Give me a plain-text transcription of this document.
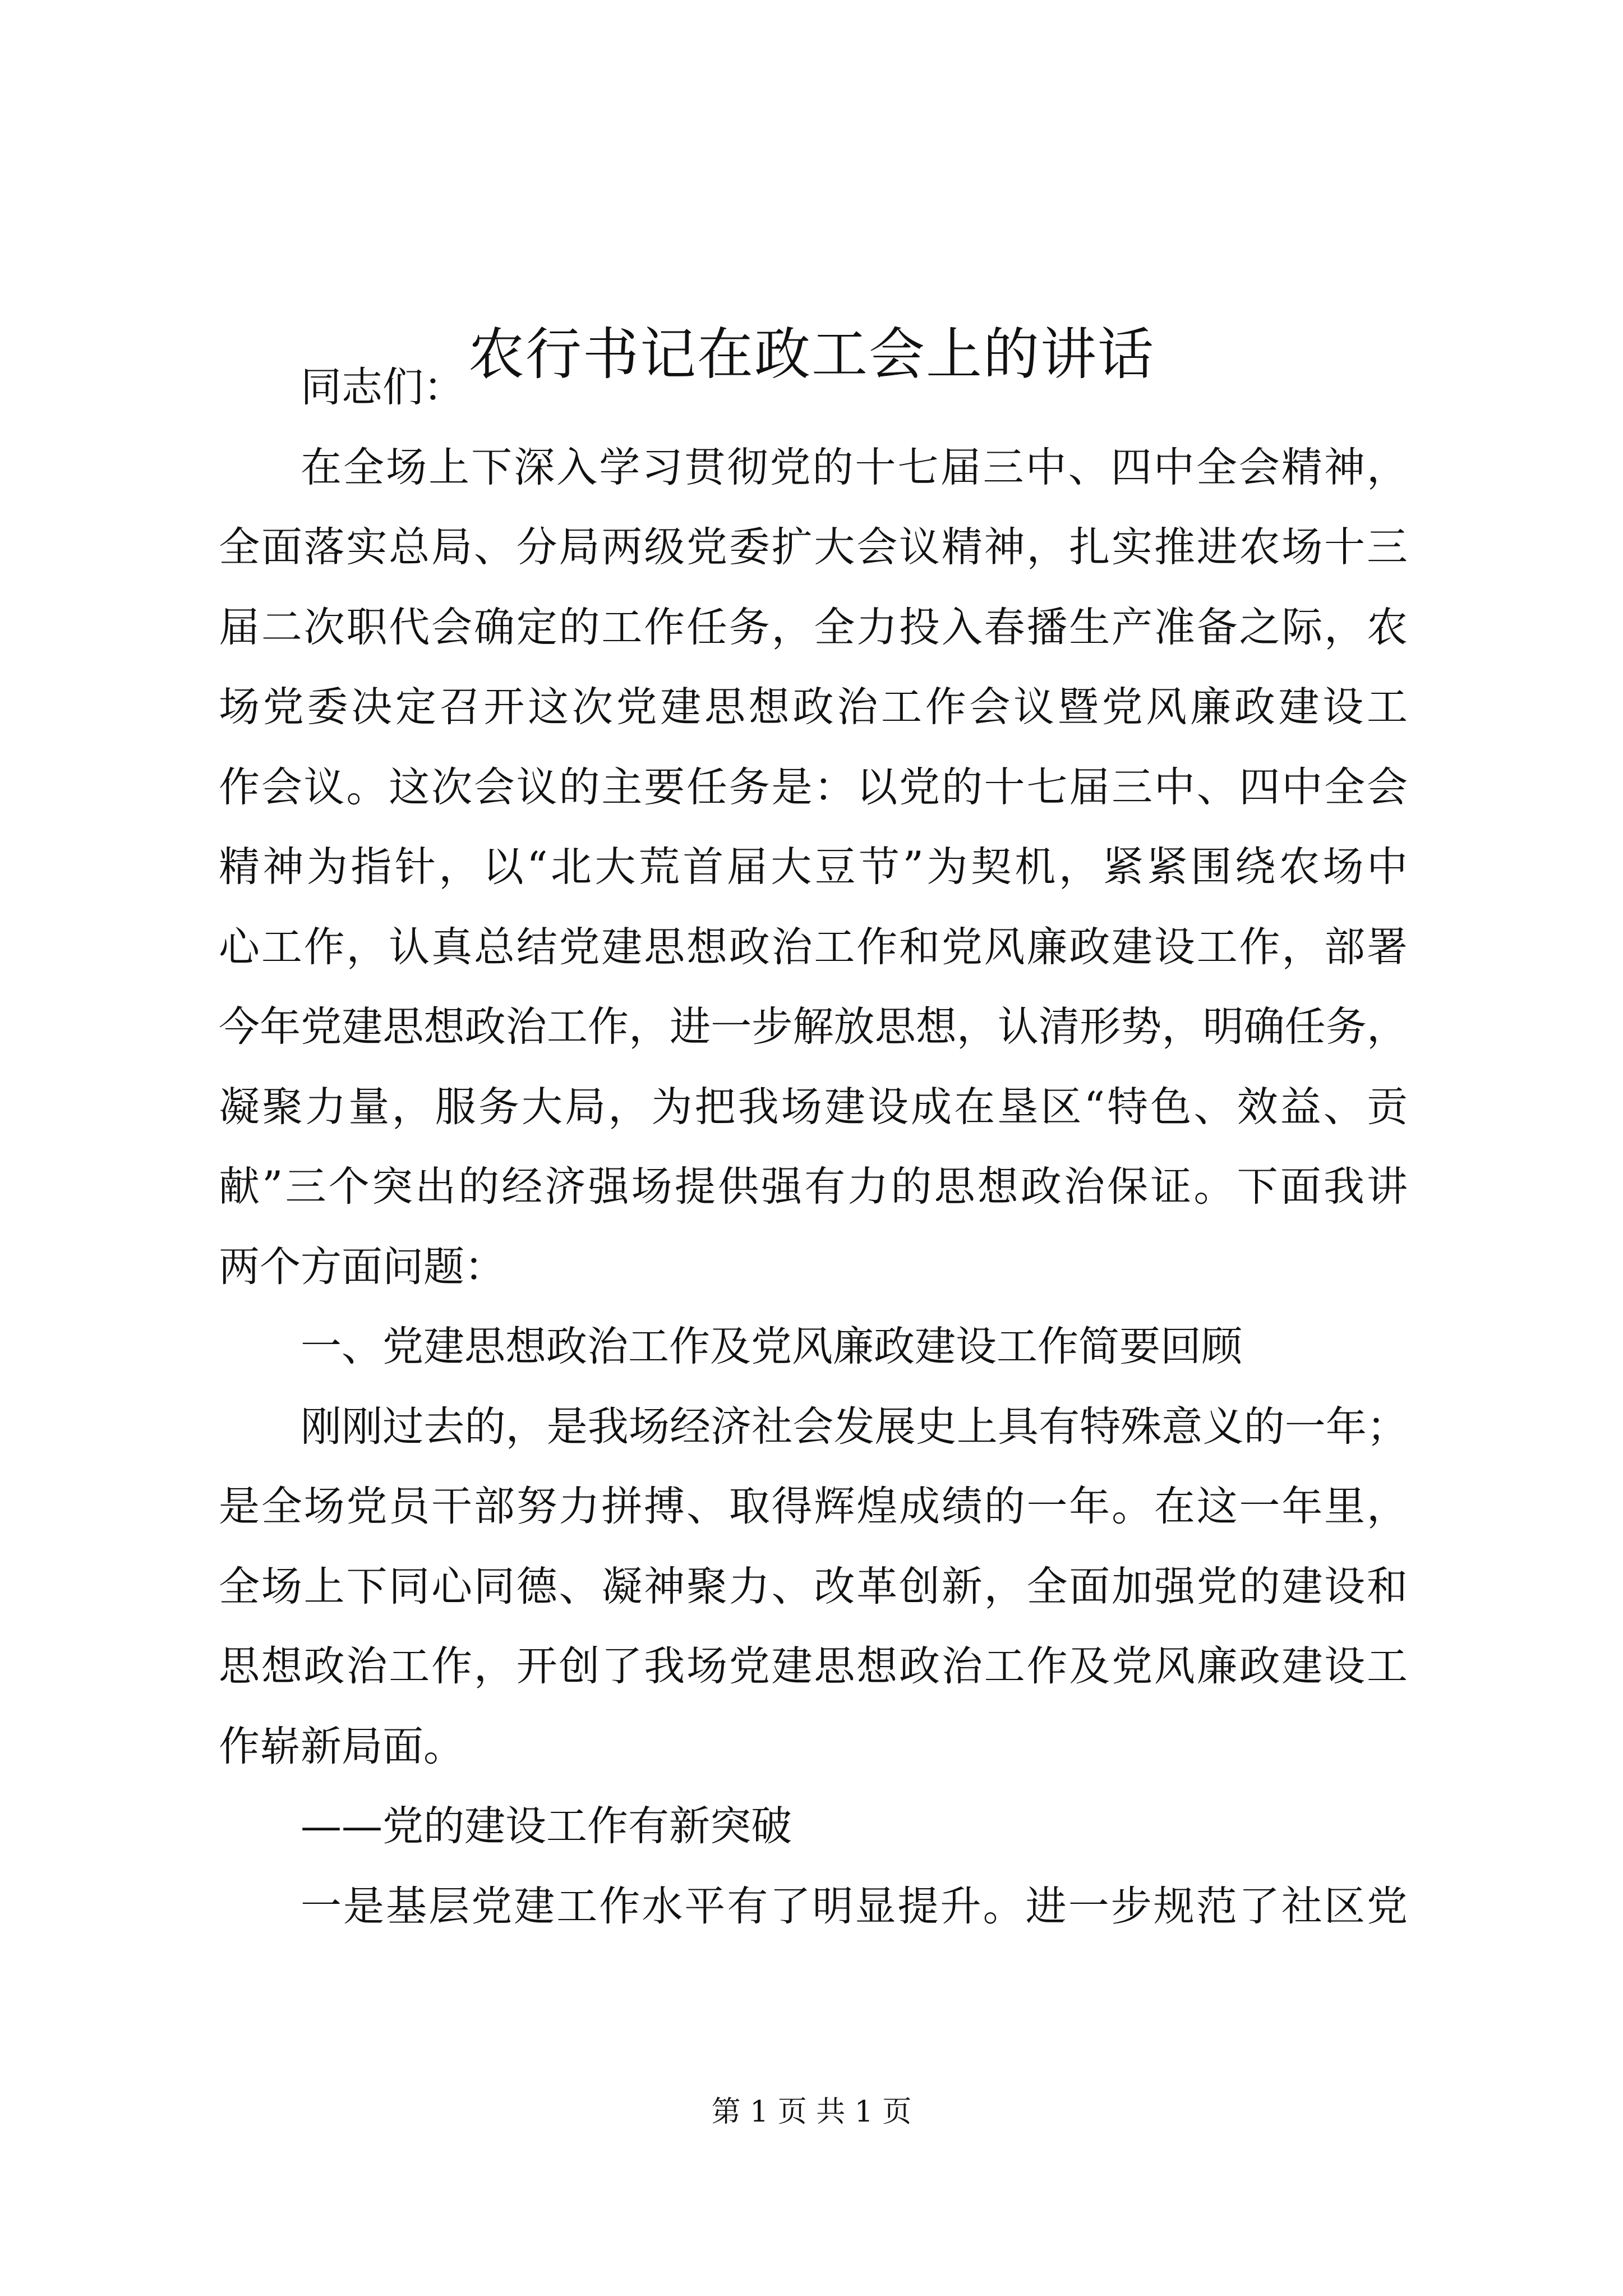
农行书记在政工会上的讲话
同志们：
在全场上下深入学习贯彻党的十七届三中、四中全会精神，
全面落实总局、分局两级党委扩大会议精神，扎实推进农场十三
届二次职代会确定的工作任务，全力投入春播生产准备之际，农
场党委决定召开这次党建思想政治工作会议暨党风廉政建设工
作会议。这次会议的主要任务是：以党的十七届三中、四中全会
精神为指针，以“北大荒首届大豆节”为契机，紧紧围绕农场中
心工作，认真总结党建思想政治工作和党风廉政建设工作，部署
今年党建思想政治工作，进一步解放思想，认清形势，明确任务，
凝聚力量，服务大局，为把我场建设成在垦区“特色、效益、贡
献”三个突出的经济强场提供强有力的思想政治保证。下面我讲
两个方面问题：
一、党建思想政治工作及党风廉政建设工作简要回顾
刚刚过去的，是我场经济社会发展史上具有特殊意义的一年；
是全场党员干部努力拼搏、取得辉煌成绩的一年。在这一年里，
全场上下同心同德、凝神聚力、改革创新，全面加强党的建设和
思想政治工作，开创了我场党建思想政治工作及党风廉政建设工
作崭新局面。
——党的建设工作有新突破
一是基层党建工作水平有了明显提升。进一步规范了社区党
第 1 页 共 1 页
